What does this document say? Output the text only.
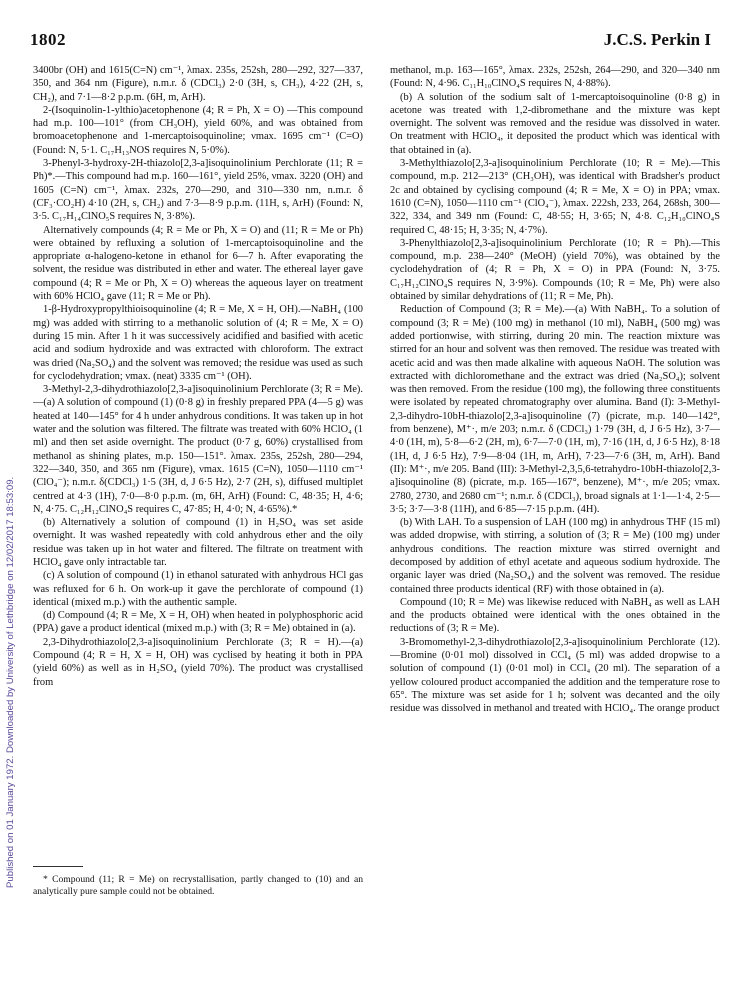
1802	J.C.S. Perkin I
Published on 01 January 1972. Downloaded by University of Lethbridge on 12/02/2017 18:53:09.

3400br (OH) and 1615(C=N) cm⁻¹, λmax. 235s, 252sh, 280—292, 327—337, 350, and 364 nm (Figure), n.m.r. δ (CDCl₃) 2·0 (3H, s, CH₃), 4·22 (2H, s, CH₂), and 7·1—8·2 p.p.m. (6H, m, ArH).

2-(Isoquinolin-1-ylthio)acetophenone (4; R = Ph, X = O) —This compound had m.p. 100—101° (from CH₃OH), yield 60%, and was obtained from bromoacetophenone and 1-mercaptoisoquinoline; νmax. 1695 cm⁻¹ (C=O) (Found: N, 5·1. C₁₇H₁₃NOS requires N, 5·0%).

3-Phenyl-3-hydroxy-2H-thiazolo[2,3-a]isoquinolinium Perchlorate (11; R = Ph)*.—This compound had m.p. 160—161°, yield 25%, νmax. 3220 (OH) and 1605 (C=N) cm⁻¹, λmax. 232s, 270—290, and 310—330 nm, n.m.r. δ (CF₃·CO₂H) 4·10 (2H, s, CH₂) and 7·3—8·9 p.p.m. (11H, s, ArH) (Found: N, 3·5. C₁₇H₁₄ClNO₅S requires N, 3·8%).

Alternatively compounds (4; R = Me or Ph, X = O) and (11; R = Me or Ph) were obtained by refluxing a solution of 1-mercaptoisoquinoline and the appropriate α-halogeno-ketone in ethanol for 6—7 h. After evaporating the solvent, the residue was distributed in ether and water. The ethereal layer gave compound (4; R = Me or Ph, X = O) whereas the aqueous layer on treatment with 60% HClO₄ gave (11; R = Me or Ph).

1-β-Hydroxypropylthioisoquinoline (4; R = Me, X = H, OH).—NaBH₄ (100 mg) was added with stirring to a methanolic solution of (4; R = Me, X = O) during 15 min. After 1 h it was successively acidified and basified with acetic acid and sodium hydroxide and was extracted with chloroform. The extract was dried (Na₂SO₄) and the solvent was removed; the residue was used as such for cyclodehydration; νmax. (neat) 3335 cm⁻¹ (OH).

3-Methyl-2,3-dihydrothiazolo[2,3-a]isoquinolinium Perchlorate (3; R = Me).—(a) A solution of compound (1) (0·8 g) in freshly prepared PPA (4—5 g) was heated at 140—145° for 4 h under anhydrous conditions. It was taken up in hot water and the solution was filtered. The filtrate was treated with 60% HClO₄ (1 ml) and then set aside overnight. The product (0·7 g, 60%) crystallised from methanol as shining plates, m.p. 150—151°. λmax. 235s, 252sh, 280—294, 322—340, 350, and 365 nm (Figure), νmax. 1615 (C=N), 1050—1110 cm⁻¹ (ClO₄⁻); n.m.r. δ(CDCl₃) 1·5 (3H, d, J 6·5 Hz), 2·7 (2H, s), diffused multiplet centred at 4·3 (1H), 7·0—8·0 p.p.m. (m, 6H, ArH) (Found: C, 48·35; H, 4·6; N, 4·75. C₁₂H₁₂ClNO₄S requires C, 47·85; H, 4·0; N, 4·65%).*

(b) Alternatively a solution of compound (1) in H₂SO₄ was set aside overnight. It was washed repeatedly with cold anhydrous ether and the oily residue was taken up in hot water and filtered. The filtrate on treatment with HClO₄ gave only intractable tar.

(c) A solution of compound (1) in ethanol saturated with anhydrous HCl gas was refluxed for 6 h. On work-up it gave the perchlorate of compound (1) identical (mixed m.p.) with the authentic sample.

(d) Compound (4; R = Me, X = H, OH) when heated in polyphosphoric acid (PPA) gave a product identical (mixed m.p.) with (3; R = Me) obtained in (a).

2,3-Dihydrothiazolo[2,3-a]isoquinolinium Perchlorate (3; R = H).—(a) Compound (4; R = H, X = H, OH) was cyclised by heating it both in PPA (yield 60%) as well as in H₂SO₄ (yield 70%). The product was crystallised from

* Compound (11; R = Me) on recrystallisation, partly changed to (10) and an analytically pure sample could not be obtained.

methanol, m.p. 163—165°, λmax. 232s, 252sh, 264—290, and 320—340 nm (Found: N, 4·96. C₁₁H₁₀ClNO₄S requires N, 4·88%).

(b) A solution of the sodium salt of 1-mercaptoisoquinoline (0·8 g) in acetone was treated with 1,2-dibromethane and the mixture was kept overnight. The solvent was removed and the residue was dissolved in water. On treatment with HClO₄, it deposited the product which was identical with that obtained in (a).

3-Methylthiazolo[2,3-a]isoquinolinium Perchlorate (10; R = Me).—This compound, m.p. 212—213° (CH₃OH), was identical with Bradsher's product 2c and obtained by cyclising compound (4; R = Me, X = O) in PPA; νmax. 1610 (C=N), 1050—1110 cm⁻¹ (ClO₄⁻), λmax. 222sh, 233, 264, 268sh, 300—322, 334, and 349 nm (Found: C, 48·55; H, 3·65; N, 4·8. C₁₂H₁₀ClNO₄S required C, 48·15; H, 3·35; N, 4·7%).

3-Phenylthiazolo[2,3-a]isoquinolinium Perchlorate (10; R = Ph).—This compound, m.p. 238—240° (MeOH) (yield 70%), was obtained by the cyclodehydration of (4; R = Ph, X = O) in PPA (Found: N, 3·75. C₁₇H₁₂ClNO₄S requires N, 3·9%). Compounds (10; R = Me, Ph) were also obtained by similar dehydrations of (11; R = Me, Ph).

Reduction of Compound (3; R = Me).—(a) With NaBH₄. To a solution of compound (3; R = Me) (100 mg) in methanol (10 ml), NaBH₄ (500 mg) was added portionwise, with stirring, during 20 min. The reaction mixture was stirred for an hour and solvent was then removed. The residue was treated with acetic acid and was then made alkaline with aqueous NaOH. The solution was extracted with dichloromethane and the extract was dried (Na₂SO₄); solvent was then removed. From the residue (100 mg), the following three constituents were isolated by repeated chromatography over alumina. Band (I): 3-Methyl-2,3-dihydro-10bH-thiazolo[2,3-a]isoquinoline (7) (picrate, m.p. 140—142°, from benzene), M⁺·, m/e 203; n.m.r. δ (CDCl₃) 1·79 (3H, d, J 6·5 Hz), 3·7—4·0 (1H, m), 5·8—6·2 (2H, m), 6·7—7·0 (1H, m), 7·16 (1H, d, J 6·5 Hz), 8·18 (1H, d, J 6·5 Hz), 7·9—8·04 (1H, m, ArH), 7·23—7·6 (3H, m, ArH). Band (II): M⁺·, m/e 205. Band (III): 3-Methyl-2,3,5,6-tetrahydro-10bH-thiazolo[2,3-a]isoquinoline (8) (picrate, m.p. 165—167°, benzene), M⁺·, m/e 205; νmax. 2780, 2730, and 2680 cm⁻¹; n.m.r. δ (CDCl₃), broad signals at 1·1—1·4, 2·5—3·5; 3·7—3·8 (11H), and 6·85—7·15 p.p.m. (4H).

(b) With LAH. To a suspension of LAH (100 mg) in anhydrous THF (15 ml) was added dropwise, with stirring, a solution of (3; R = Me) (100 mg) under anhydrous conditions. The reaction mixture was stirred overnight and decomposed by addition of ethyl acetate and aqueous sodium hydroxide. The organic layer was dried (Na₂SO₄) and the solvent was removed. The residue contained three products identical (RF) with those obtained in (a).

Compound (10; R = Me) was likewise reduced with NaBH₄ as well as LAH and the products obtained were identical with the ones obtained in the reductions of (3; R = Me).

3-Bromomethyl-2,3-dihydrothiazolo[2,3-a]isoquinolinium Perchlorate (12).—Bromine (0·01 mol) dissolved in CCl₄ (5 ml) was added dropwise to a solution of compound (1) (0·01 mol) in CCl₄ (20 ml). The separation of a yellow coloured product accompanied the addition and the temperature rose to 65°. The mixture was set aside for 1 h; solvent was decanted and the oily residue was dissolved in methanol and treated with HClO₄. The orange product
